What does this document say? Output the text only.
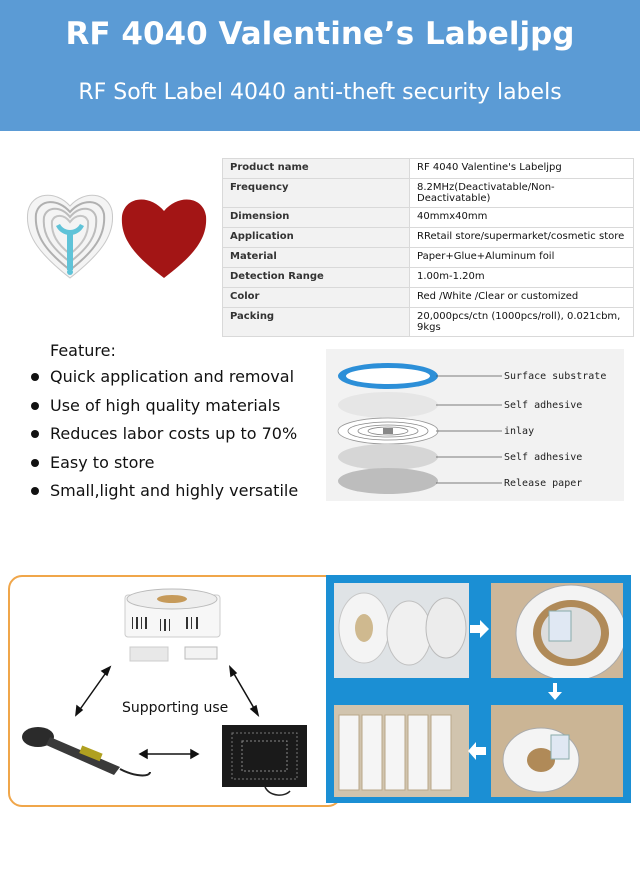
RF 4040 Valentine’s Labeljpg
RF Soft Label 4040 anti-theft security labels
Product name	RF 4040 Valentine's Labeljpg
Frequency	8.2MHz(Deactivatable/Non-Deactivatable)
Dimension	40mmx40mm
Application	RRetail store/supermarket/cosmetic store
Material	Paper+Glue+Aluminum foil
Detection Range	1.00m-1.20m
Color	Red /White /Clear or customized
Packing	20,000pcs/ctn (1000pcs/roll), 0.021cbm, 9kgs
Feature:
Quick application and removal
Use of high quality materials
Reduces labor costs up to 70%
Easy to store
Small,light and highly versatile
Surface substrate
Self adhesive
inlay
Self adhesive
Release paper
Supporting use
